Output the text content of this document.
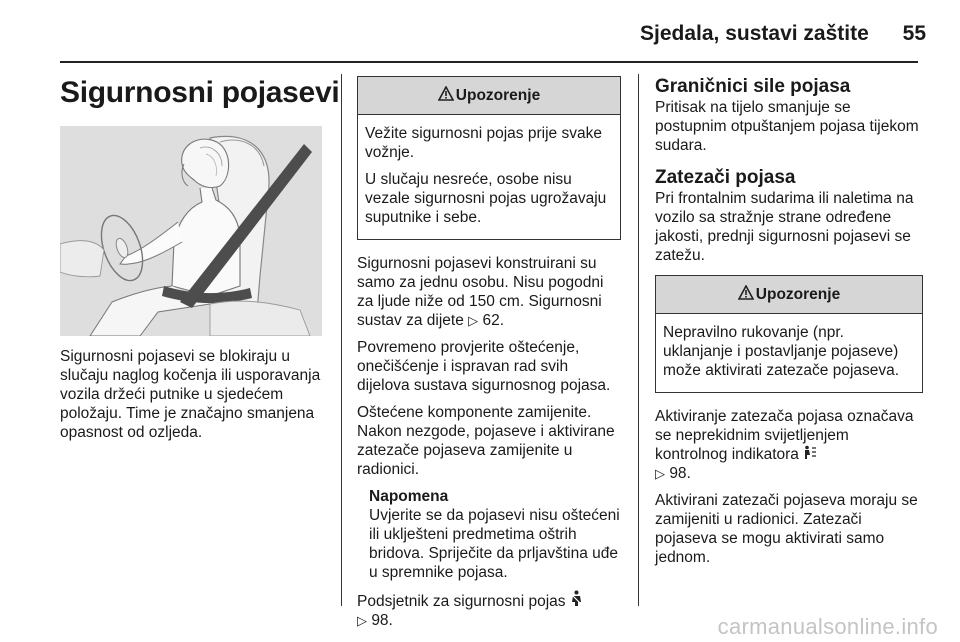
Sjedala, sustavi zaštite	55
Sigurnosni pojasevi

Sigurnosni pojasevi se blokiraju u slučaju naglog kočenja ili usporavanja vozila držeći putnike u sjedećem položaju. Time je značajno smanjena opasnost od ozljeda.

Upozorenje

Vežite sigurnosni pojas prije svake vožnje.

U slučaju nesreće, osobe nisu vezale sigurnosni pojas ugrožavaju suputnike i sebe.

Sigurnosni pojasevi konstruirani su samo za jednu osobu. Nisu pogodni za ljude niže od 150 cm. Sigurnosni sustav za dijete ▷ 62.

Povremeno provjerite oštećenje, onečišćenje i ispravan rad svih dijelova sustava sigurnosnog pojasa.

Oštećene komponente zamijenite. Nakon nezgode, pojaseve i aktivirane zatezače pojaseva zamijenite u radionici.

Napomena

Uvjerite se da pojasevi nisu oštećeni ili uklješteni predmetima oštrih bridova. Spriječite da prljavština uđe u spremnike pojasa.

Podsjetnik za sigurnosni pojas
▷ 98.

Graničnici sile pojasa

Pritisak na tijelo smanjuje se postupnim otpuštanjem pojasa tijekom sudara.

Zatezači pojasa

Pri frontalnim sudarima ili naletima na vozilo sa stražnje strane određene jakosti, prednji sigurnosni pojasevi se zatežu.

Upozorenje

Nepravilno rukovanje (npr. uklanjanje i postavljanje pojaseve) može aktivirati zatezače pojaseva.

Aktiviranje zatezača pojasa označava se neprekidnim svijetljenjem kontrolnog indikatora
▷ 98.

Aktivirani zatezači pojaseva moraju se zamijeniti u radionici. Zatezači pojaseva se mogu aktivirati samo jednom.

carmanualsonline.info
